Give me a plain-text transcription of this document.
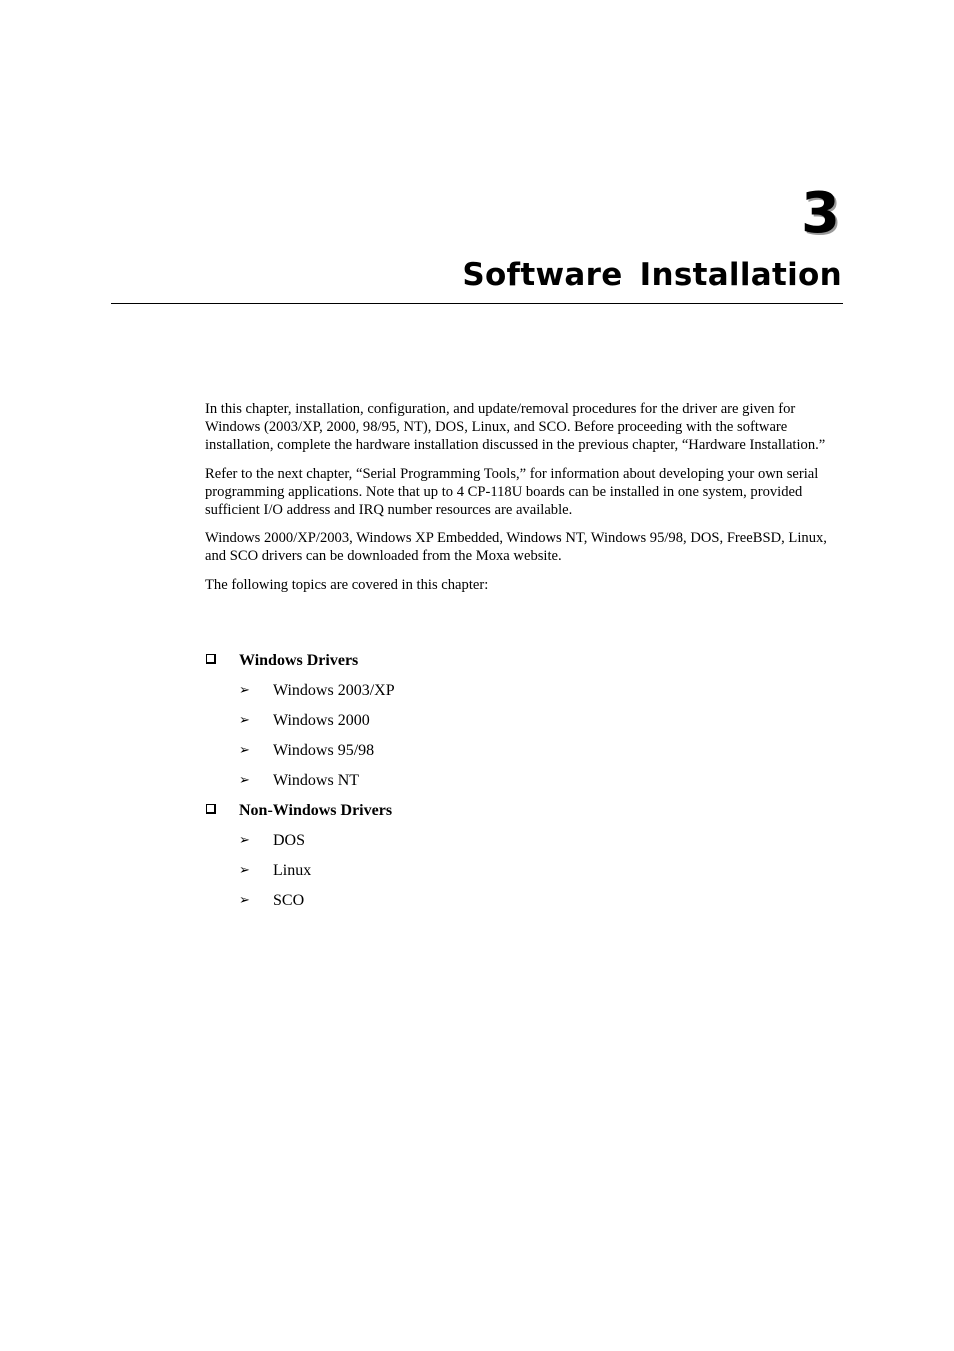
3
Software Installation

In this chapter, installation, configuration, and update/removal procedures for the driver are given for Windows (2003/XP, 2000, 98/95, NT), DOS, Linux, and SCO. Before proceeding with the software installation, complete the hardware installation discussed in the previous chapter, “Hardware Installation.”

Refer to the next chapter, “Serial Programming Tools,” for information about developing your own serial programming applications. Note that up to 4 CP-118U boards can be installed in one system, provided sufficient I/O address and IRQ number resources are available.

Windows 2000/XP/2003, Windows XP Embedded, Windows NT, Windows 95/98, DOS, FreeBSD, Linux, and SCO drivers can be downloaded from the Moxa website.

The following topics are covered in this chapter:

Windows Drivers
➢ Windows 2003/XP
➢ Windows 2000
➢ Windows 95/98
➢ Windows NT
Non-Windows Drivers
➢ DOS
➢ Linux
➢ SCO
